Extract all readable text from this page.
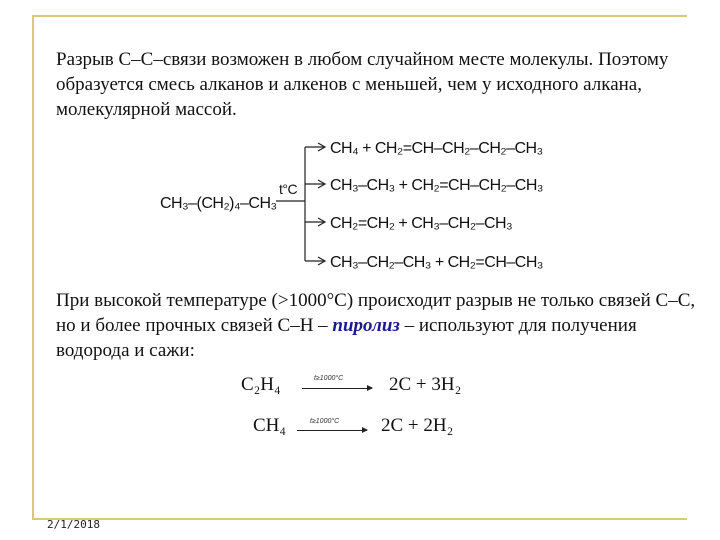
Разрыв С–С–связи возможен в любом случайном месте молекулы. Поэтому образуется смесь алканов и алкенов с меньшей, чем у исходного алкана, молекулярной массой.

CH₃–(CH₂)₄–CH₃
t°C
CH₄ + CH₂=CH–CH₂–CH₂–CH₃
CH₃–CH₃ + CH₂=CH–CH₂–CH₃
CH₂=CH₂ + CH₃–CH₂–CH₃
CH₃–CH₂–CH₃ + CH₂=CH–CH₃

При высокой температуре (>1000°С) происходит разрыв не только связей С–С, но и более прочных связей С–Н – пиролиз – используют для получения водорода и сажи:

C₂H₄	t≥1000°C 2C + 3H₂
CH₄	t≥1000°C 2C + 2H₂
2/1/2018
